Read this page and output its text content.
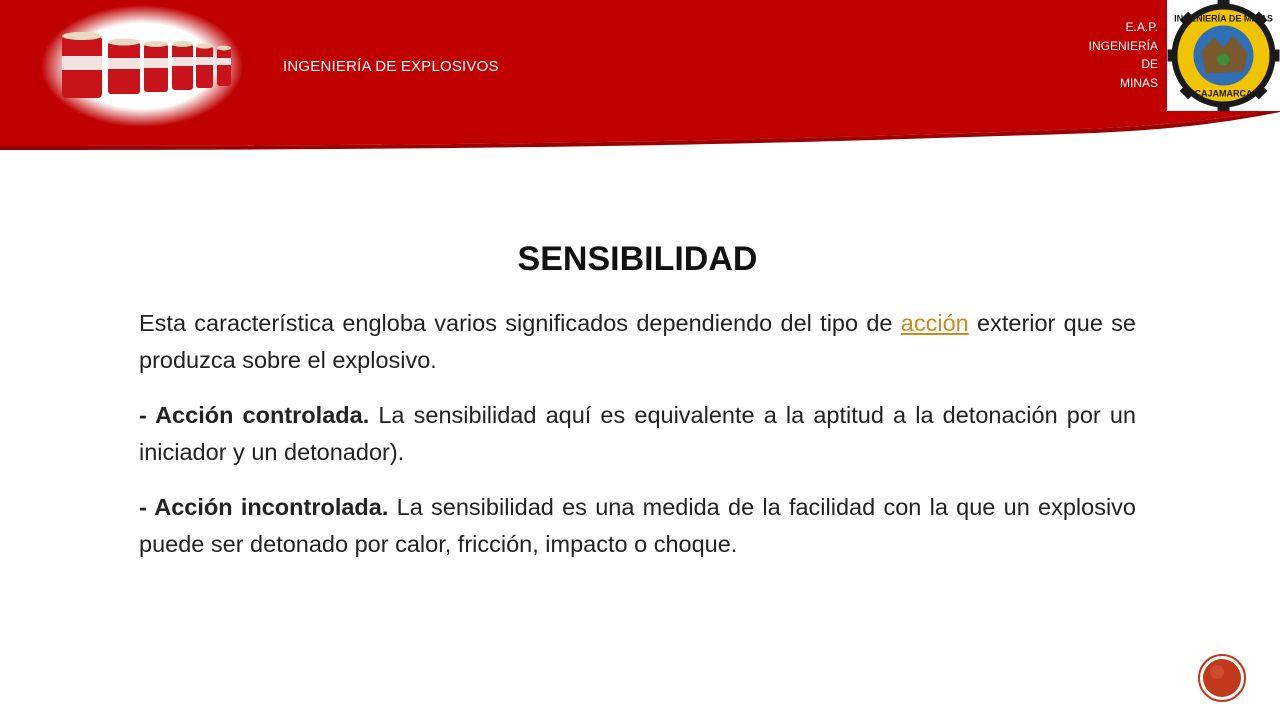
INGENIERÍA DE EXPLOSIVOS
E.A.P.
INGENIERÍA
DE
MINAS
INGENIERÍA DE MINAS
CAJAMARCA
SENSIBILIDAD

Esta característica engloba varios significados dependiendo del tipo de acción exterior que se produzca sobre el explosivo.

- Acción controlada. La sensibilidad aquí es equivalente a la aptitud a la detonación por un iniciador y un detonador).

- Acción incontrolada. La sensibilidad es una medida de la facilidad con la que un explosivo puede ser detonado por calor, fricción, impacto o choque.
